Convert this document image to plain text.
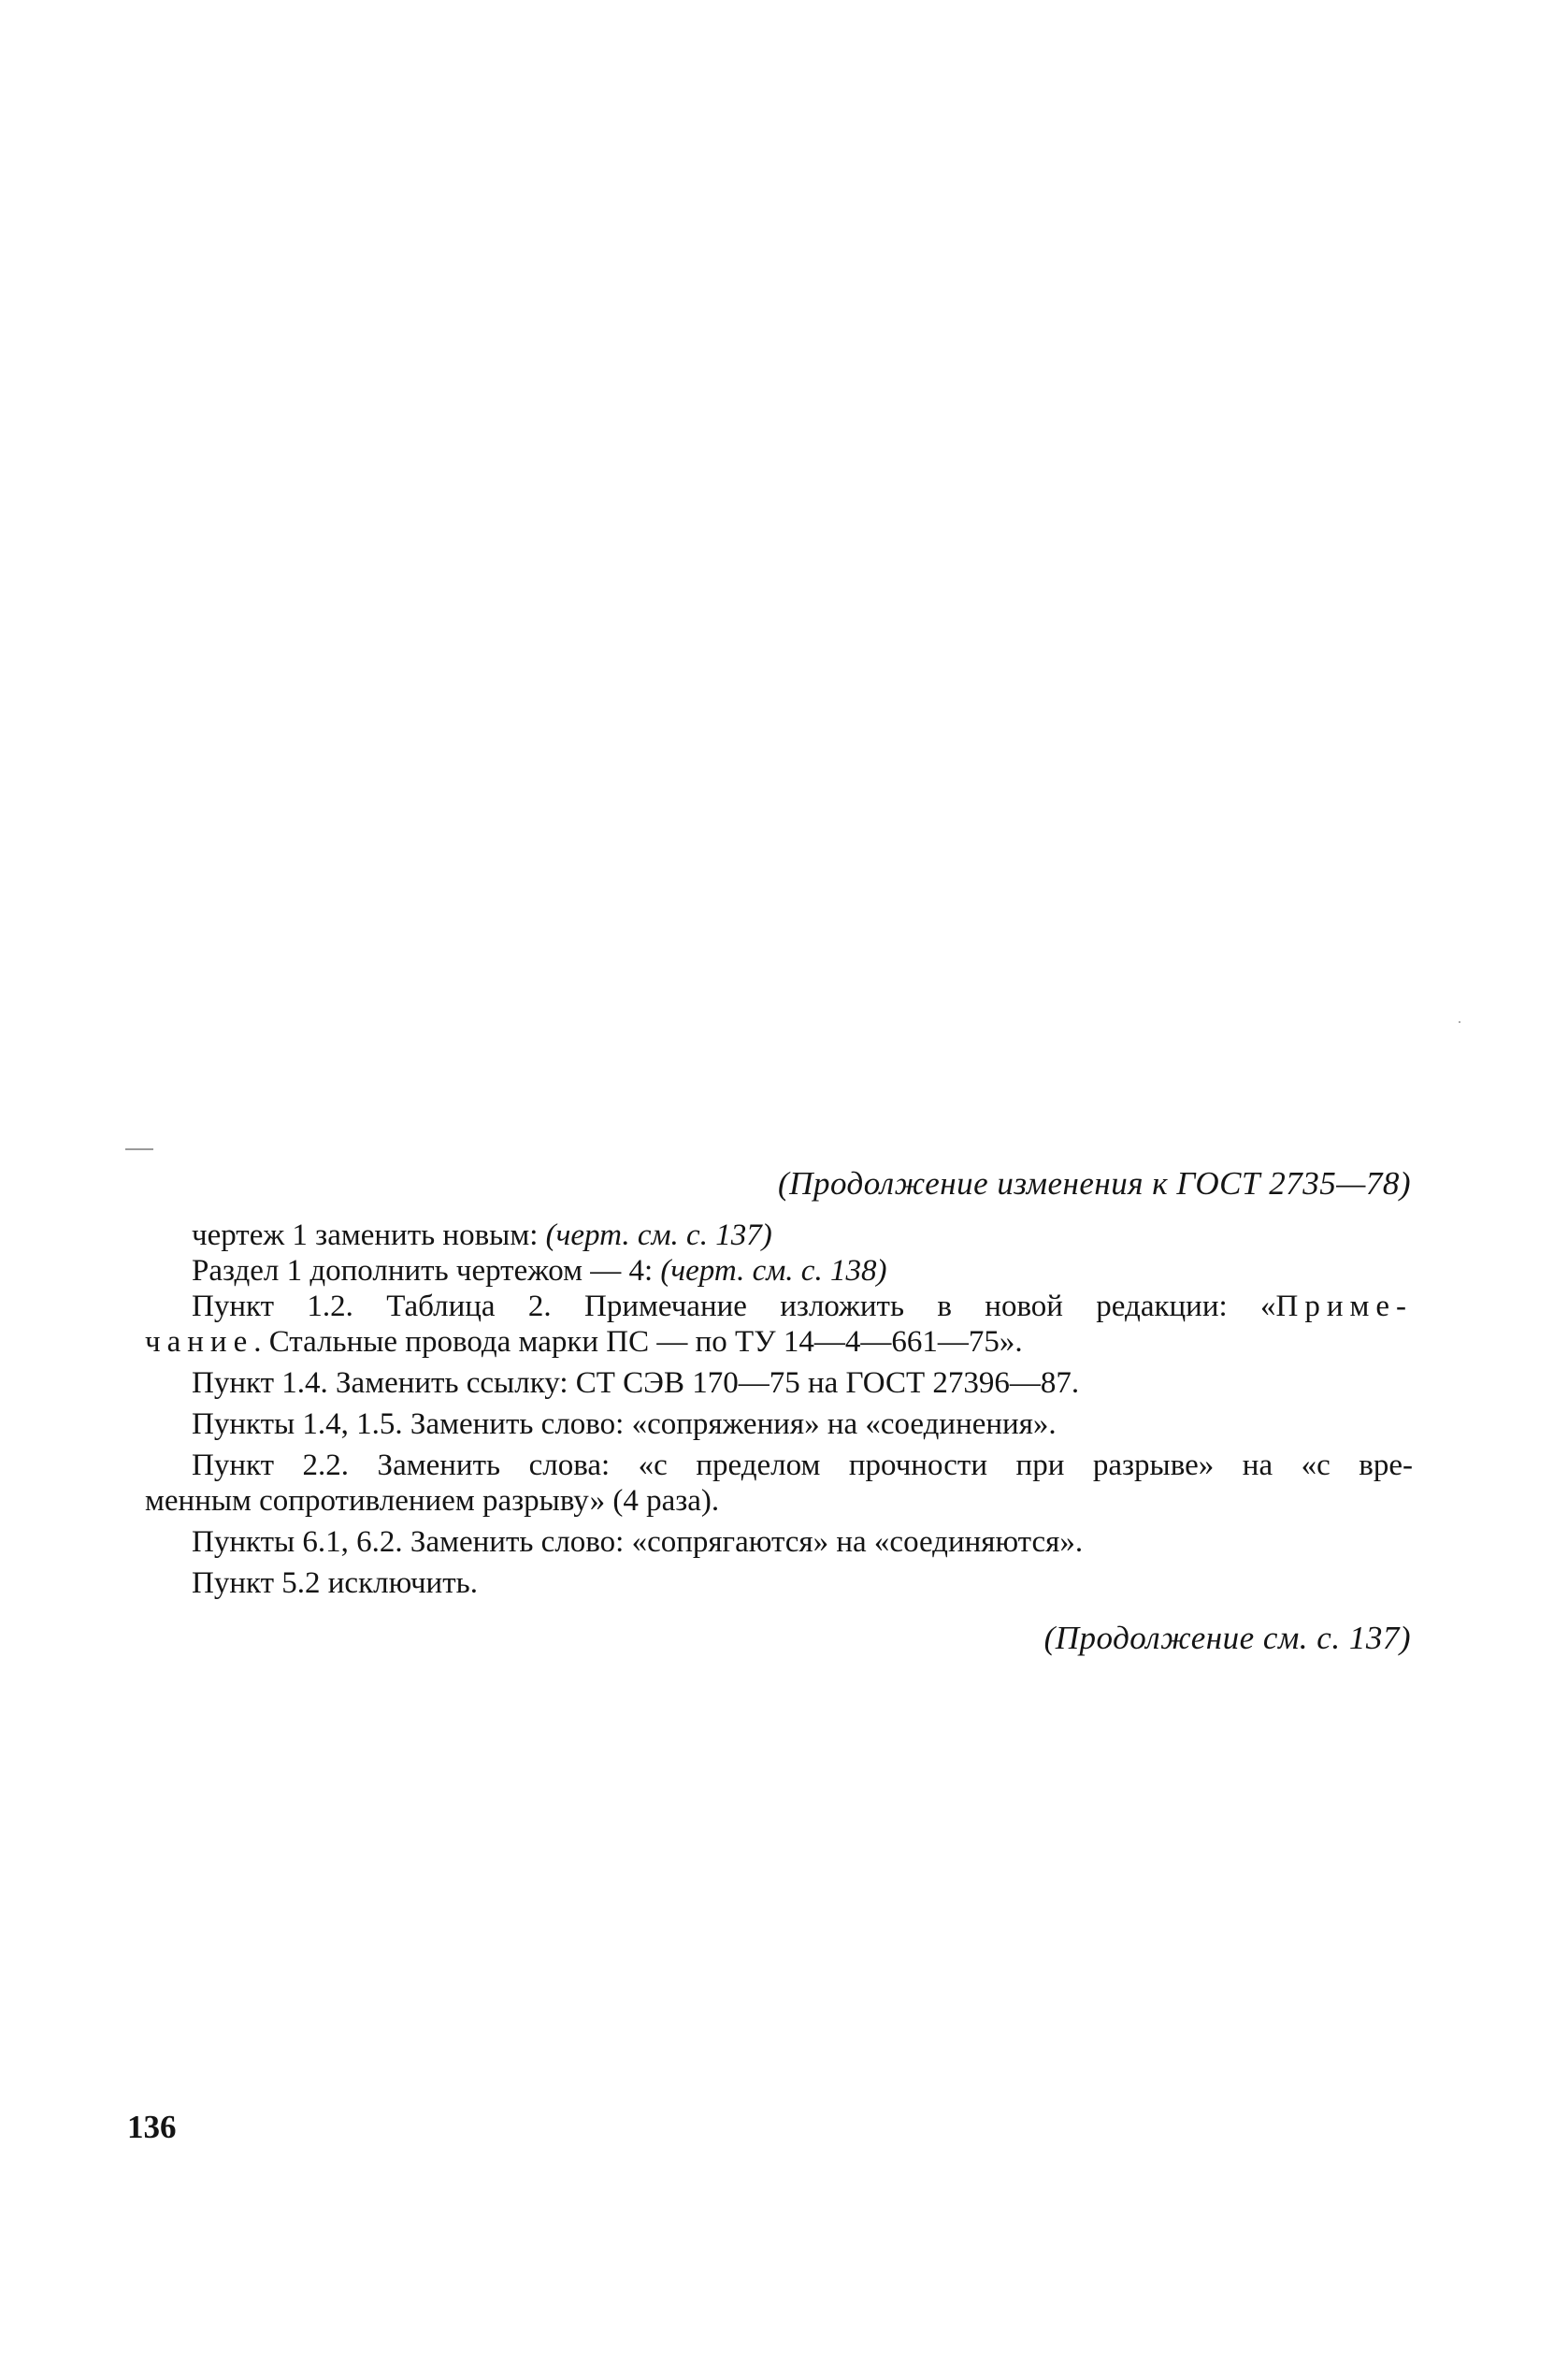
(Продолжение изменения к ГОСТ 2735—78)
чертеж 1 заменить новым: (черт. см. с. 137)
Раздел 1 дополнить чертежом — 4: (черт. см. с. 138)
Пункт 1.2. Таблица 2. Примечание изложить в новой редакции: «Приме-
чание. Стальные провода марки ПС — по ТУ 14—4—661—75».
Пункт 1.4. Заменить ссылку: СТ СЭВ 170—75 на ГОСТ 27396—87.
Пункты 1.4, 1.5. Заменить слово: «сопряжения» на «соединения».
Пункт 2.2. Заменить слова: «с пределом прочности при разрыве» на «с вре-
менным сопротивлением разрыву» (4 раза).
Пункты 6.1, 6.2. Заменить слово: «сопрягаются» на «соединяются».
Пункт 5.2 исключить.
(Продолжение см. с. 137)
136
